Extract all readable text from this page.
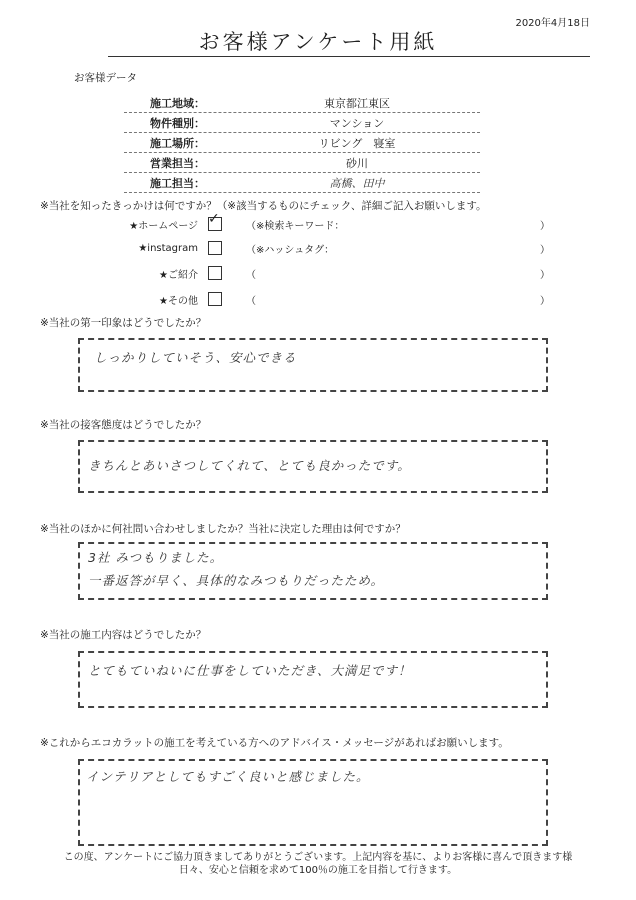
2020年4月18日
お客様アンケート用紙
お客様データ
施工地域：	東京都江東区
物件種別：	マンション
施工場所：	リビング　寝室
営業担当：	砂川
施工担当：	高橋、田中
※当社を知ったきっかけは何ですか？（※該当するものにチェック、詳細ご記入お願いします。
★ホームページ ✓	（※検索キーワード：	）
★instagram	（※ハッシュタグ：	）
★ご紹介	（	）
★その他	（	）
※当社の第一印象はどうでしたか？
しっかりしていそう、安心できる
※当社の接客態度はどうでしたか？
きちんとあいさつしてくれて、とても良かったです。
※当社のほかに何社問い合わせしましたか？当社に決定した理由は何ですか？
3社 みつもりました。
一番返答が早く、具体的なみつもりだったため。
※当社の施工内容はどうでしたか？
とてもていねいに仕事をしていただき、大満足です！
※これからエコカラットの施工を考えている方へのアドバイス・メッセージがあればお願いします。
インテリアとしてもすごく良いと感じました。
この度、アンケートにご協力頂きましてありがとうございます。上記内容を基に、よりお客様に喜んで頂きます様
日々、安心と信頼を求めて100％の施工を目指して行きます。
